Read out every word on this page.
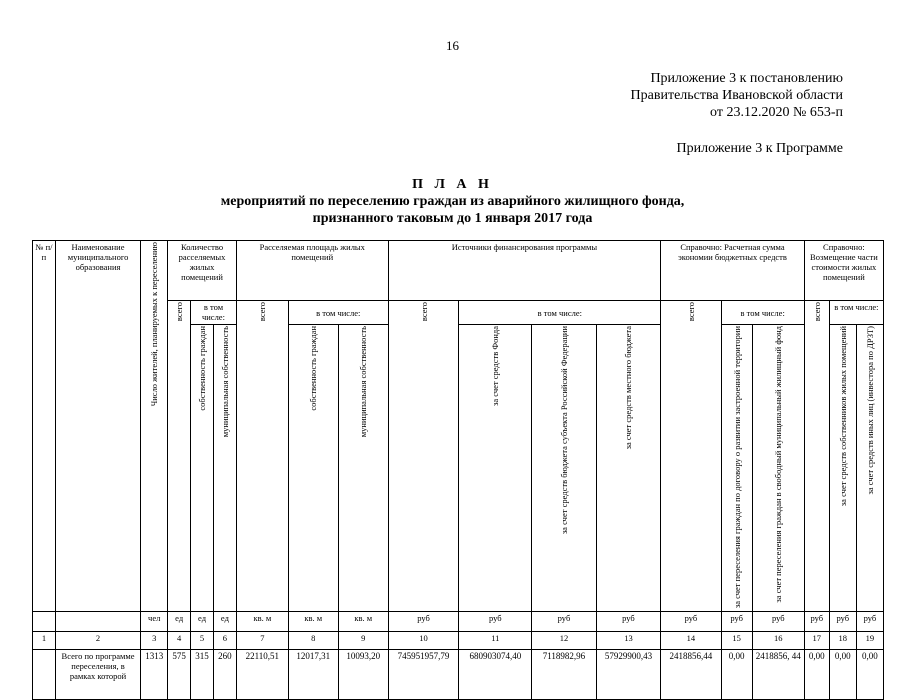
16
Приложение 3 к постановлению
Правительства Ивановской области
от 23.12.2020 № 653-п
Приложение 3 к Программе
П Л А Н
мероприятий по переселению граждан из аварийного жилищного фонда,
признанного таковым до 1 января 2017 года
№ п/п	Наименование муниципального образования	Число жителей, планируемых к переселению	Количество расселяемых жилых помещений			Расселяемая площадь жилых помещений			Источники финансирования программы				Справочно: Расчетная сумма экономии бюджетных средств			Справочно: Возмещение части стоимости жилых помещений		
			всего	в том числе:		всего	в том числе:		всего	в том числе:			всего	в том числе:		всего	в том числе:	
				собственность граждан	муниципальная собственность		собственность граждан	муниципальная собственность		за счет средств Фонда	за счет средств бюджета субъекта Российской Федерации	за счет средств местного бюджета		за счет переселения граждан по договору о развитии застроенной территории	за счет переселения граждан в свободный муниципальный жилищный фонд		за счет средств собственников жилых помещений	за счет средств иных лиц (инвестора по ДРЗТ)
		чел	ед	ед	ед	кв. м	кв. м	кв. м	руб	руб	руб	руб	руб	руб	руб	руб	руб	руб
1	2	3	4	5	6	7	8	9	10	11	12	13	14	15	16	17	18	19
	Всего по программе переселения, в рамках которой	1313	575	315	260	22110,51	12017,31	10093,20	745951957,79	680903074,40	7118982,96	57929900,43	2418856,44	0,00	2418856, 44	0,00	0,00	0,00
